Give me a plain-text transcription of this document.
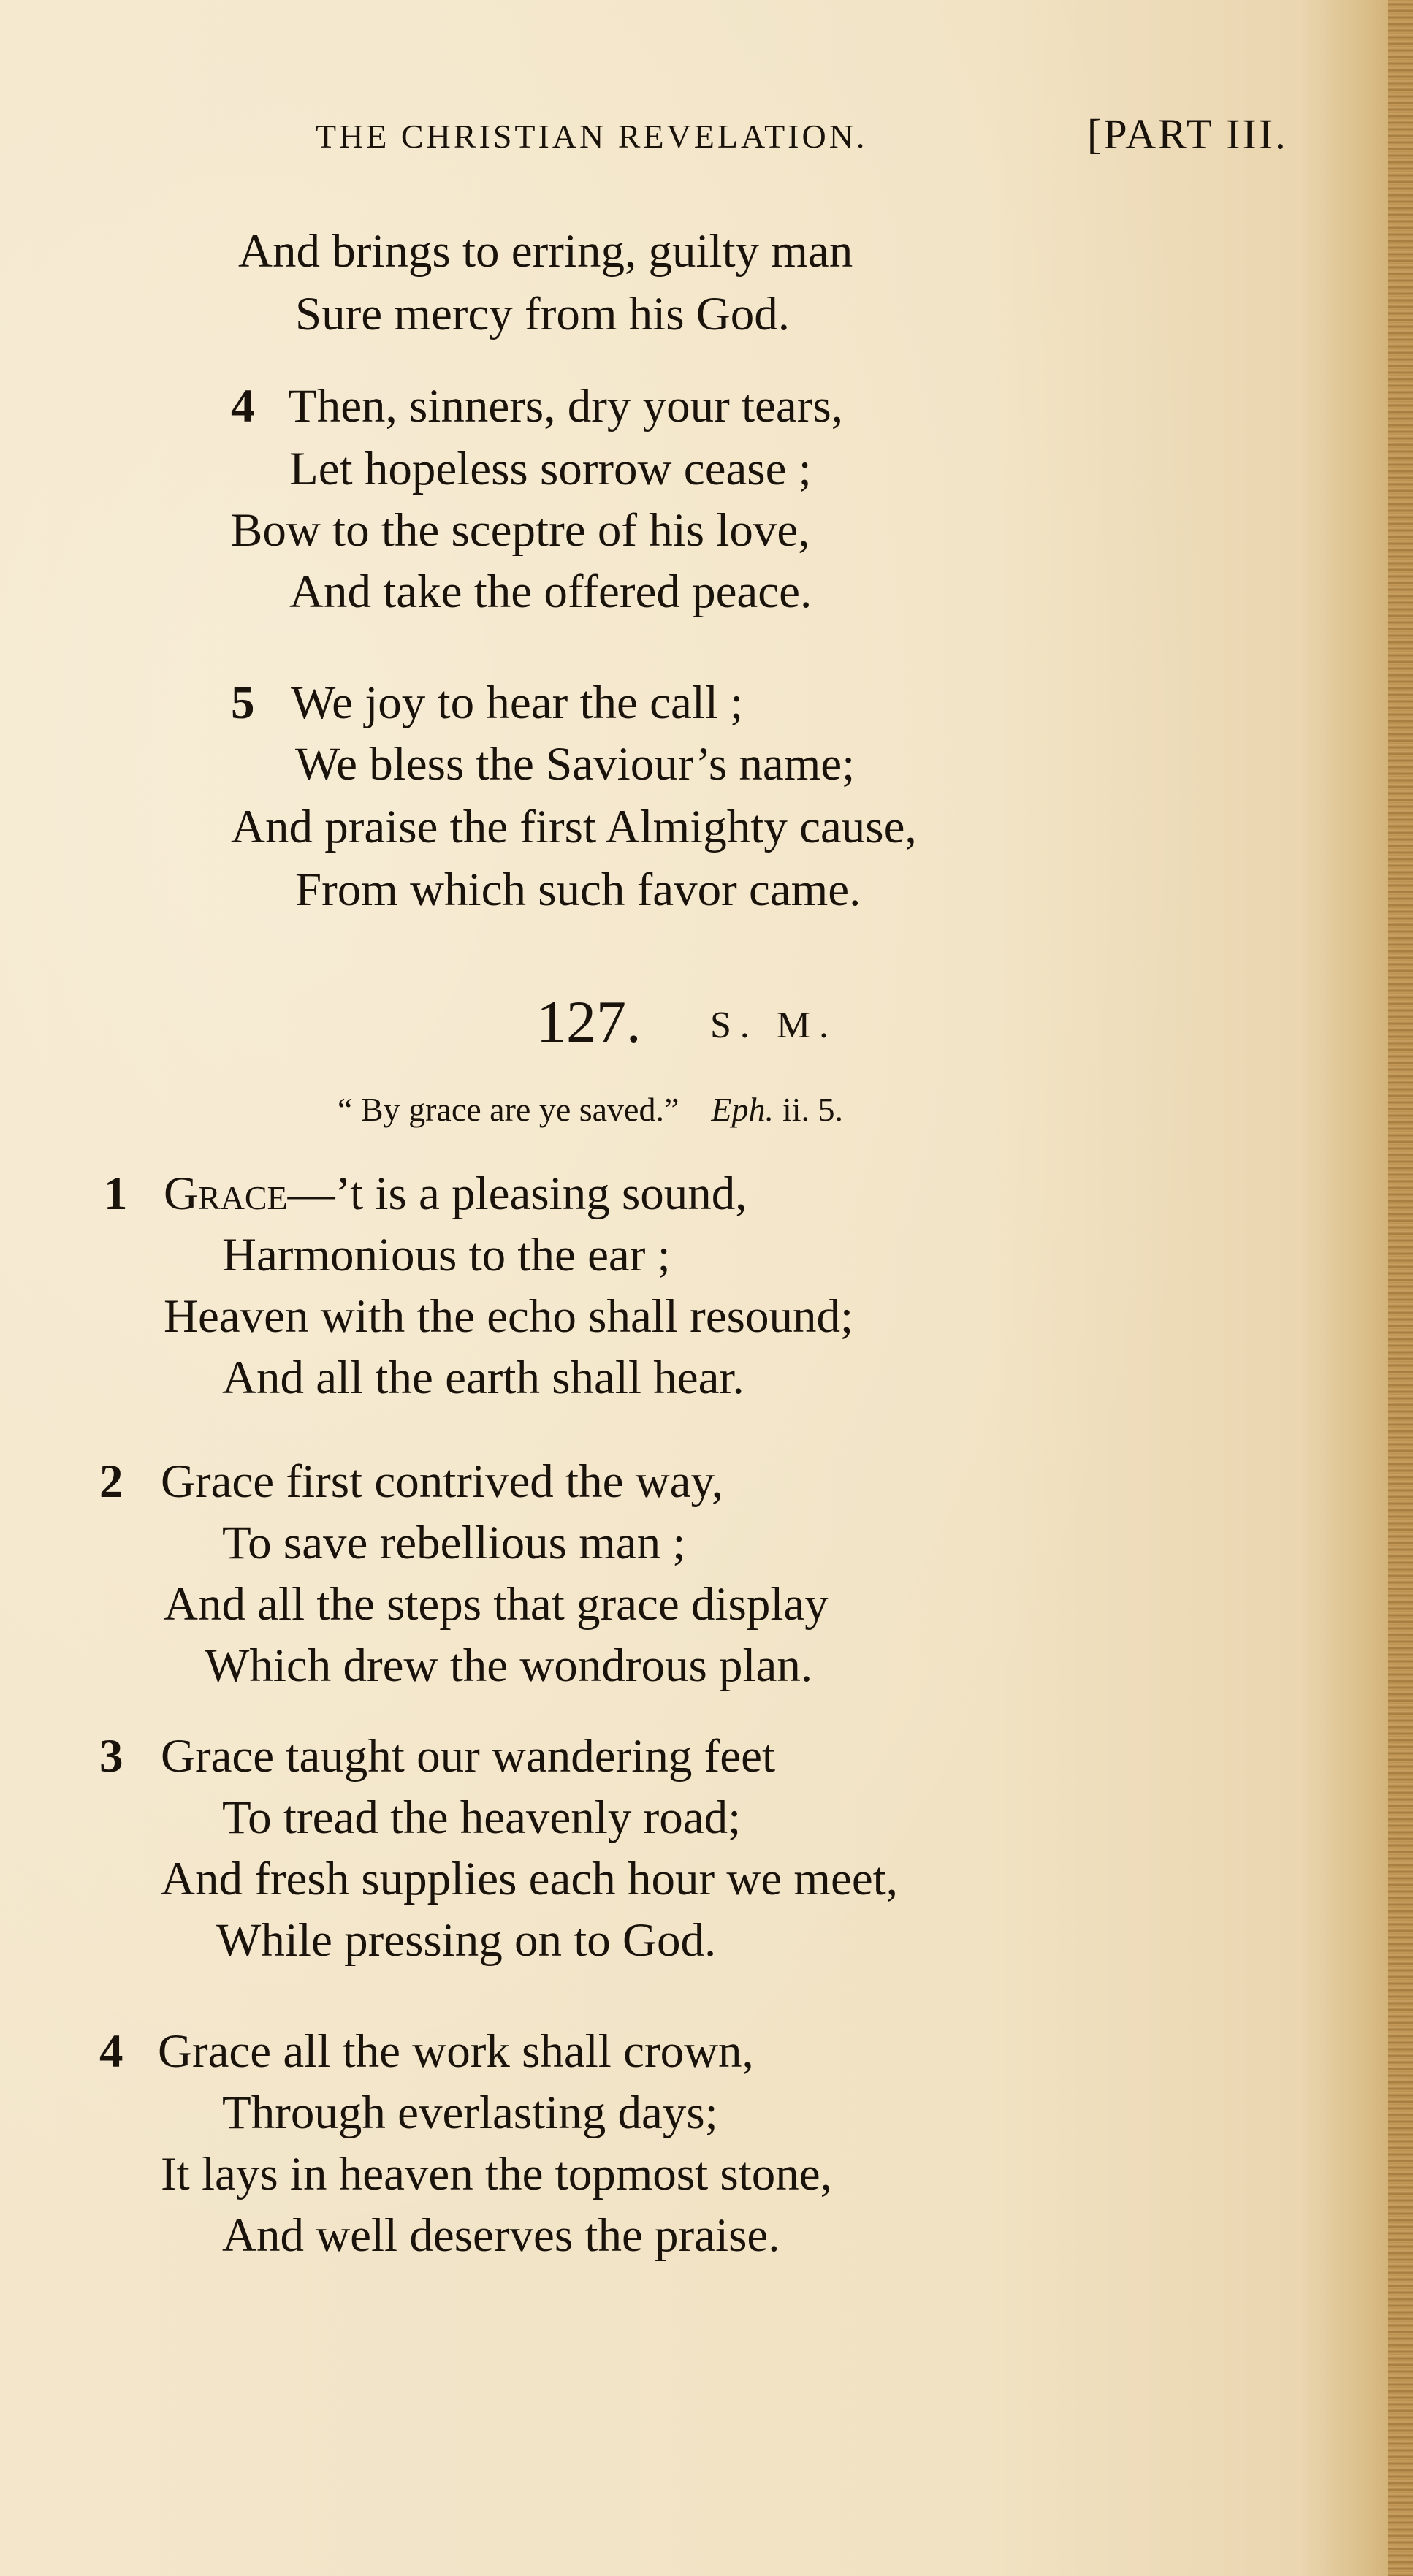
THE CHRISTIAN REVELATION.	[PART III.
And brings to erring, guilty man
Sure mercy from his God.
4 Then, sinners, dry your tears,
Let hopeless sorrow cease ;
Bow to the sceptre of his love,
And take the offered peace.
5 We joy to hear the call ;
We bless the Saviour’s name;
And praise the first Almighty cause,
From which such favor came.
127. S. M.
“ By grace are ye saved.” Eph. ii. 5.
1 Grace—’t is a pleasing sound,
Harmonious to the ear ;
Heaven with the echo shall resound;
And all the earth shall hear.
2 Grace first contrived the way,
To save rebellious man ;
And all the steps that grace display
Which drew the wondrous plan.
3 Grace taught our wandering feet
To tread the heavenly road;
And fresh supplies each hour we meet,
While pressing on to God.
4 Grace all the work shall crown,
Through everlasting days;
It lays in heaven the topmost stone,
And well deserves the praise.
